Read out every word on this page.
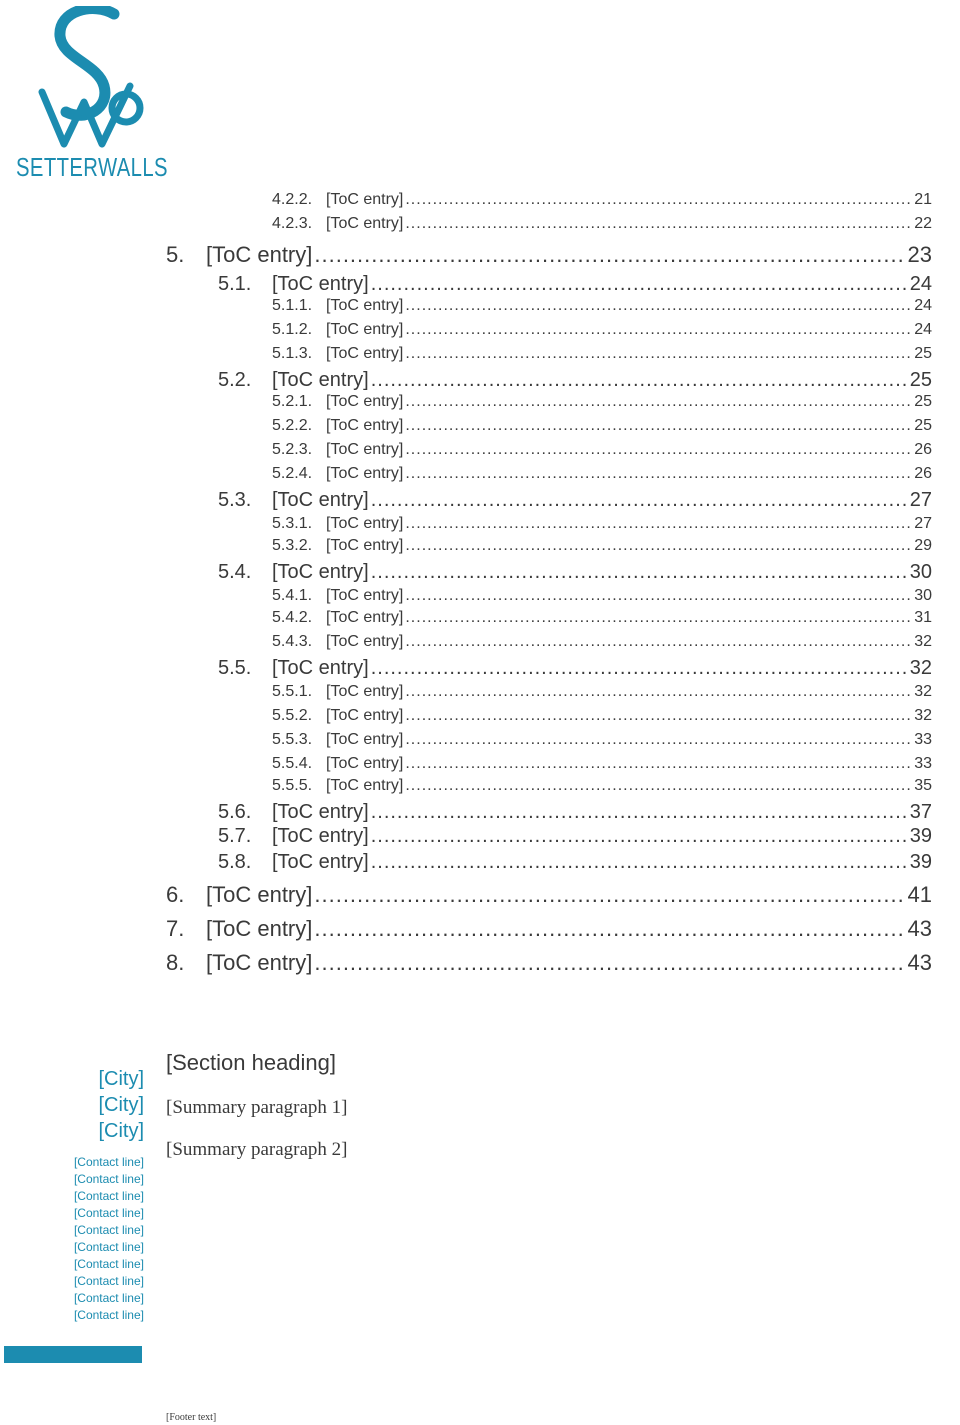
SETTERWALLS
4.2.2. [ToC entry] .....	21
4.2.3. [ToC entry] .....	22
5. [ToC entry] .....	23
5.1.	[ToC entry] .....	24
5.1.1. [ToC entry] .....	24
5.1.2. [ToC entry] .....	24
5.1.3. [ToC entry] .....	25
5.2.	[ToC entry] .....	25
5.2.1. [ToC entry] .....	25
5.2.2. [ToC entry] .....	25
5.2.3. [ToC entry] .....	26
5.2.4. [ToC entry] .....	26
5.3.	[ToC entry] .....	27
5.3.1. [ToC entry] .....	27
5.3.2. [ToC entry] .....	29
5.4.	[ToC entry] .....	30
5.4.1. [ToC entry] .....	30
5.4.2. [ToC entry] .....	31
5.4.3. [ToC entry] .....	32
5.5.	[ToC entry] .....	32
5.5.1. [ToC entry] .....	32
5.5.2. [ToC entry] .....	32
5.5.3. [ToC entry] .....	33
5.5.4. [ToC entry] .....	33
5.5.5. [ToC entry] .....	35
5.6.	[ToC entry] .....	37
5.7.	[ToC entry] .....	39
5.8.	[ToC entry] .....	39
6. [ToC entry] .....	41
7. [ToC entry] .....	43
8. [ToC entry] .....	43
[City]
[City]
[City]
[Contact line]
[Contact line]
[Contact line]
[Contact line]
[Contact line]
[Contact line]
[Contact line]
[Contact line]
[Contact line]
[Contact line]
[Section heading]

[Summary paragraph 1]

[Summary paragraph 2]

[Footer text]
